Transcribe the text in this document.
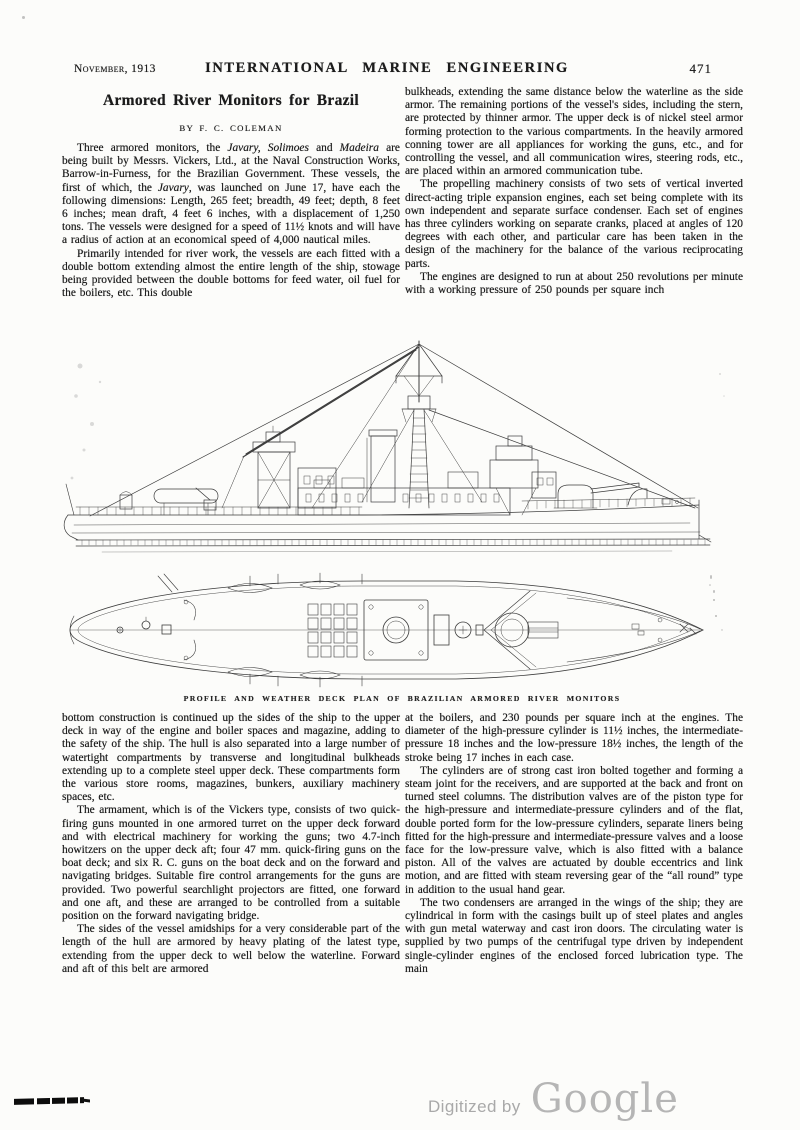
November, 1913	INTERNATIONAL MARINE ENGINEERING	471
Armored River Monitors for Brazil
BY F. C. COLEMAN

Three armored monitors, the Javary, Solimoes and Madeira are being built by Messrs. Vickers, Ltd., at the Naval Construction Works, Barrow-in-Furness, for the Brazilian Government. These vessels, the first of which, the Javary, was launched on June 17, have each the following dimensions: Length, 265 feet; breadth, 49 feet; depth, 8 feet 6 inches; mean draft, 4 feet 6 inches, with a displacement of 1,250 tons. The vessels were designed for a speed of 11½ knots and will have a radius of action at an economical speed of 4,000 nautical miles.

Primarily intended for river work, the vessels are each fitted with a double bottom extending almost the entire length of the ship, stowage being provided between the double bottoms for feed water, oil fuel for the boilers, etc. This double

bulkheads, extending the same distance below the waterline as the side armor. The remaining portions of the vessel's sides, including the stern, are protected by thinner armor. The upper deck is of nickel steel armor forming protection to the various compartments. In the heavily armored conning tower are all appliances for working the guns, etc., and for controlling the vessel, and all communication wires, steering rods, etc., are placed within an armored communication tube.

The propelling machinery consists of two sets of vertical inverted direct-acting triple expansion engines, each set being complete with its own independent and separate surface condenser. Each set of engines has three cylinders working on separate cranks, placed at angles of 120 degrees with each other, and particular care has been taken in the design of the machinery for the balance of the various reciprocating parts.

The engines are designed to run at about 250 revolutions per minute with a working pressure of 250 pounds per square inch

PROFILE AND WEATHER DECK PLAN OF BRAZILIAN ARMORED RIVER MONITORS

bottom construction is continued up the sides of the ship to the upper deck in way of the engine and boiler spaces and magazine, adding to the safety of the ship. The hull is also separated into a large number of watertight compartments by transverse and longitudinal bulkheads extending up to a complete steel upper deck. These compartments form the various store rooms, magazines, bunkers, auxiliary machinery spaces, etc.

The armament, which is of the Vickers type, consists of two quick-firing guns mounted in one armored turret on the upper deck forward and with electrical machinery for working the guns; two 4.7-inch howitzers on the upper deck aft; four 47 mm. quick-firing guns on the boat deck; and six R. C. guns on the boat deck and on the forward and navigating bridges. Suitable fire control arrangements for the guns are provided. Two powerful searchlight projectors are fitted, one forward and one aft, and these are arranged to be controlled from a suitable position on the forward navigating bridge.

The sides of the vessel amidships for a very considerable part of the length of the hull are armored by heavy plating of the latest type, extending from the upper deck to well below the waterline. Forward and aft of this belt are armored

at the boilers, and 230 pounds per square inch at the engines. The diameter of the high-pressure cylinder is 11½ inches, the intermediate-pressure 18 inches and the low-pressure 18½ inches, the length of the stroke being 17 inches in each case.

The cylinders are of strong cast iron bolted together and forming a steam joint for the receivers, and are supported at the back and front on turned steel columns. The distribution valves are of the piston type for the high-pressure and intermediate-pressure cylinders and of the flat, double ported form for the low-pressure cylinders, separate liners being fitted for the high-pressure and intermediate-pressure valves and a loose face for the low-pressure valve, which is also fitted with a balance piston. All of the valves are actuated by double eccentrics and link motion, and are fitted with steam reversing gear of the “all round” type in addition to the usual hand gear.

The two condensers are arranged in the wings of the ship; they are cylindrical in form with the casings built up of steel plates and angles with gun metal waterway and cast iron doors. The circulating water is supplied by two pumps of the centrifugal type driven by independent single-cylinder engines of the enclosed forced lubrication type. The main

Digitized by Google
